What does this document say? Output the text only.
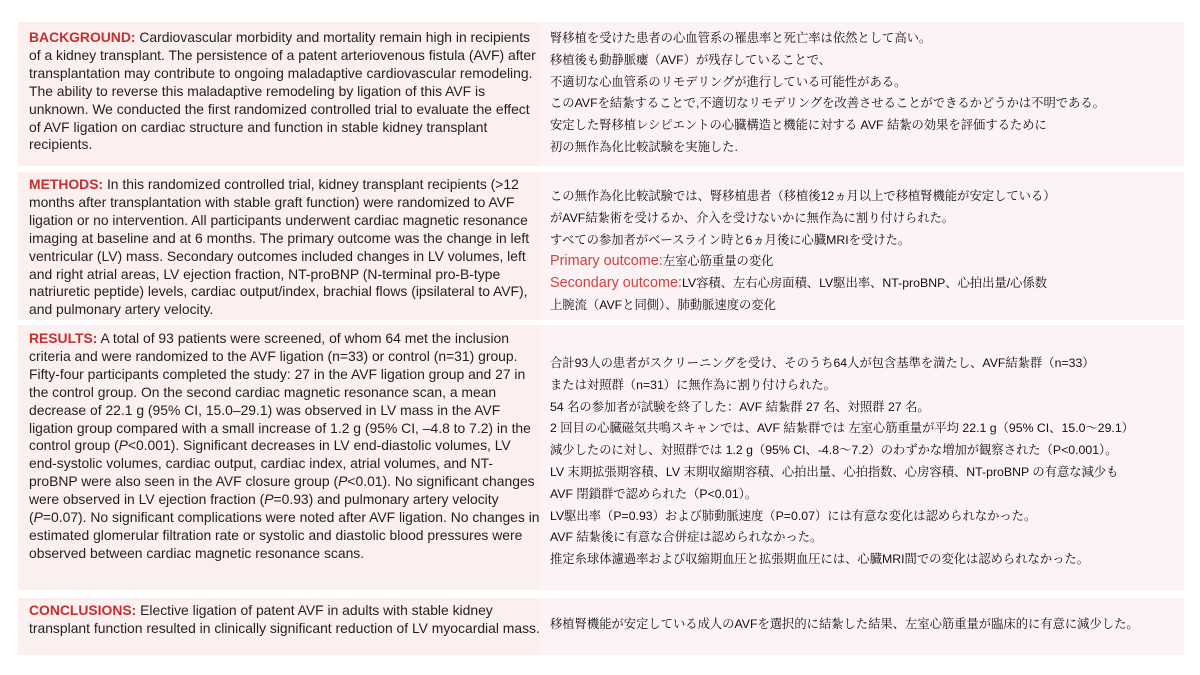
BACKGROUND: Cardiovascular morbidity and mortality remain high in recipients of a kidney transplant. The persistence of a patent arteriovenous fistula (AVF) after transplantation may contribute to ongoing maladaptive cardiovascular remodeling. The ability to reverse this maladaptive remodeling by ligation of this AVF is unknown. We conducted the first randomized controlled trial to evaluate the effect of AVF ligation on cardiac structure and function in stable kidney transplant recipients.

腎移植を受けた患者の心血管系の罹患率と死亡率は依然として高い。
移植後も動静脈瘻（AVF）が残存していることで、
不適切な心血管系のリモデリングが進行している可能性がある。
このAVFを結紮することで,不適切なリモデリングを改善させることができるかどうかは不明である。
安定した腎移植レシピエントの心臓構造と機能に対する AVF 結紮の効果を評価するために
初の無作為化比較試験を実施した.

METHODS: In this randomized controlled trial, kidney transplant recipients (>12 months after transplantation with stable graft function) were randomized to AVF ligation or no intervention. All participants underwent cardiac magnetic resonance imaging at baseline and at 6 months. The primary outcome was the change in left ventricular (LV) mass. Secondary outcomes included changes in LV volumes, left and right atrial areas, LV ejection fraction, NT-proBNP (N-terminal pro-B-type natriuretic peptide) levels, cardiac output/index, brachial flows (ipsilateral to AVF), and pulmonary artery velocity.

この無作為化比較試験では、腎移植患者（移植後12ヵ月以上で移植腎機能が安定している）
がAVF結紮術を受けるか、介入を受けないかに無作為に割り付けられた。
すべての参加者がベースライン時と6ヵ月後に心臓MRIを受けた。
Primary outcome:左室心筋重量の変化
Secondary outcome:LV容積、左右心房面積、LV駆出率、NT-proBNP、心拍出量/心係数
上腕流（AVFと同側）、肺動脈速度の変化

RESULTS: A total of 93 patients were screened, of whom 64 met the inclusion criteria and were randomized to the AVF ligation (n=33) or control (n=31) group. Fifty-four participants completed the study: 27 in the AVF ligation group and 27 in the control group. On the second cardiac magnetic resonance scan, a mean decrease of 22.1 g (95% CI, 15.0–29.1) was observed in LV mass in the AVF ligation group compared with a small increase of 1.2 g (95% CI, –4.8 to 7.2) in the control group (P<0.001). Significant decreases in LV end-diastolic volumes, LV end-systolic volumes, cardiac output, cardiac index, atrial volumes, and NT-proBNP were also seen in the AVF closure group (P<0.01). No significant changes were observed in LV ejection fraction (P=0.93) and pulmonary artery velocity (P=0.07). No significant complications were noted after AVF ligation. No changes in estimated glomerular filtration rate or systolic and diastolic blood pressures were observed between cardiac magnetic resonance scans.

合計93人の患者がスクリーニングを受け、そのうち64人が包含基準を満たし、AVF結紮群（n=33）
または対照群（n=31）に無作為に割り付けられた。
54 名の参加者が試験を終了した：AVF 結紮群 27 名、対照群 27 名。
2 回目の心臓磁気共鳴スキャンでは、AVF 結紮群では 左室心筋重量が平均 22.1 g（95% CI、15.0〜29.1）
減少したのに対し、対照群では 1.2 g（95% CI、-4.8〜7.2）のわずかな増加が観察された（P<0.001）。
LV 末期拡張期容積、LV 末期収縮期容積、心拍出量、心拍指数、心房容積、NT-proBNP の有意な減少も
AVF 閉鎖群で認められた（P<0.01）。
LV駆出率（P=0.93）および肺動脈速度（P=0.07）には有意な変化は認められなかった。
AVF 結紮後に有意な合併症は認められなかった。
推定糸球体濾過率および収縮期血圧と拡張期血圧には、心臓MRI間での変化は認められなかった。

CONCLUSIONS: Elective ligation of patent AVF in adults with stable kidney transplant function resulted in clinically significant reduction of LV myocardial mass. 移植腎機能が安定している成人のAVFを選択的に結紮した結果、左室心筋重量が臨床的に有意に減少した。
